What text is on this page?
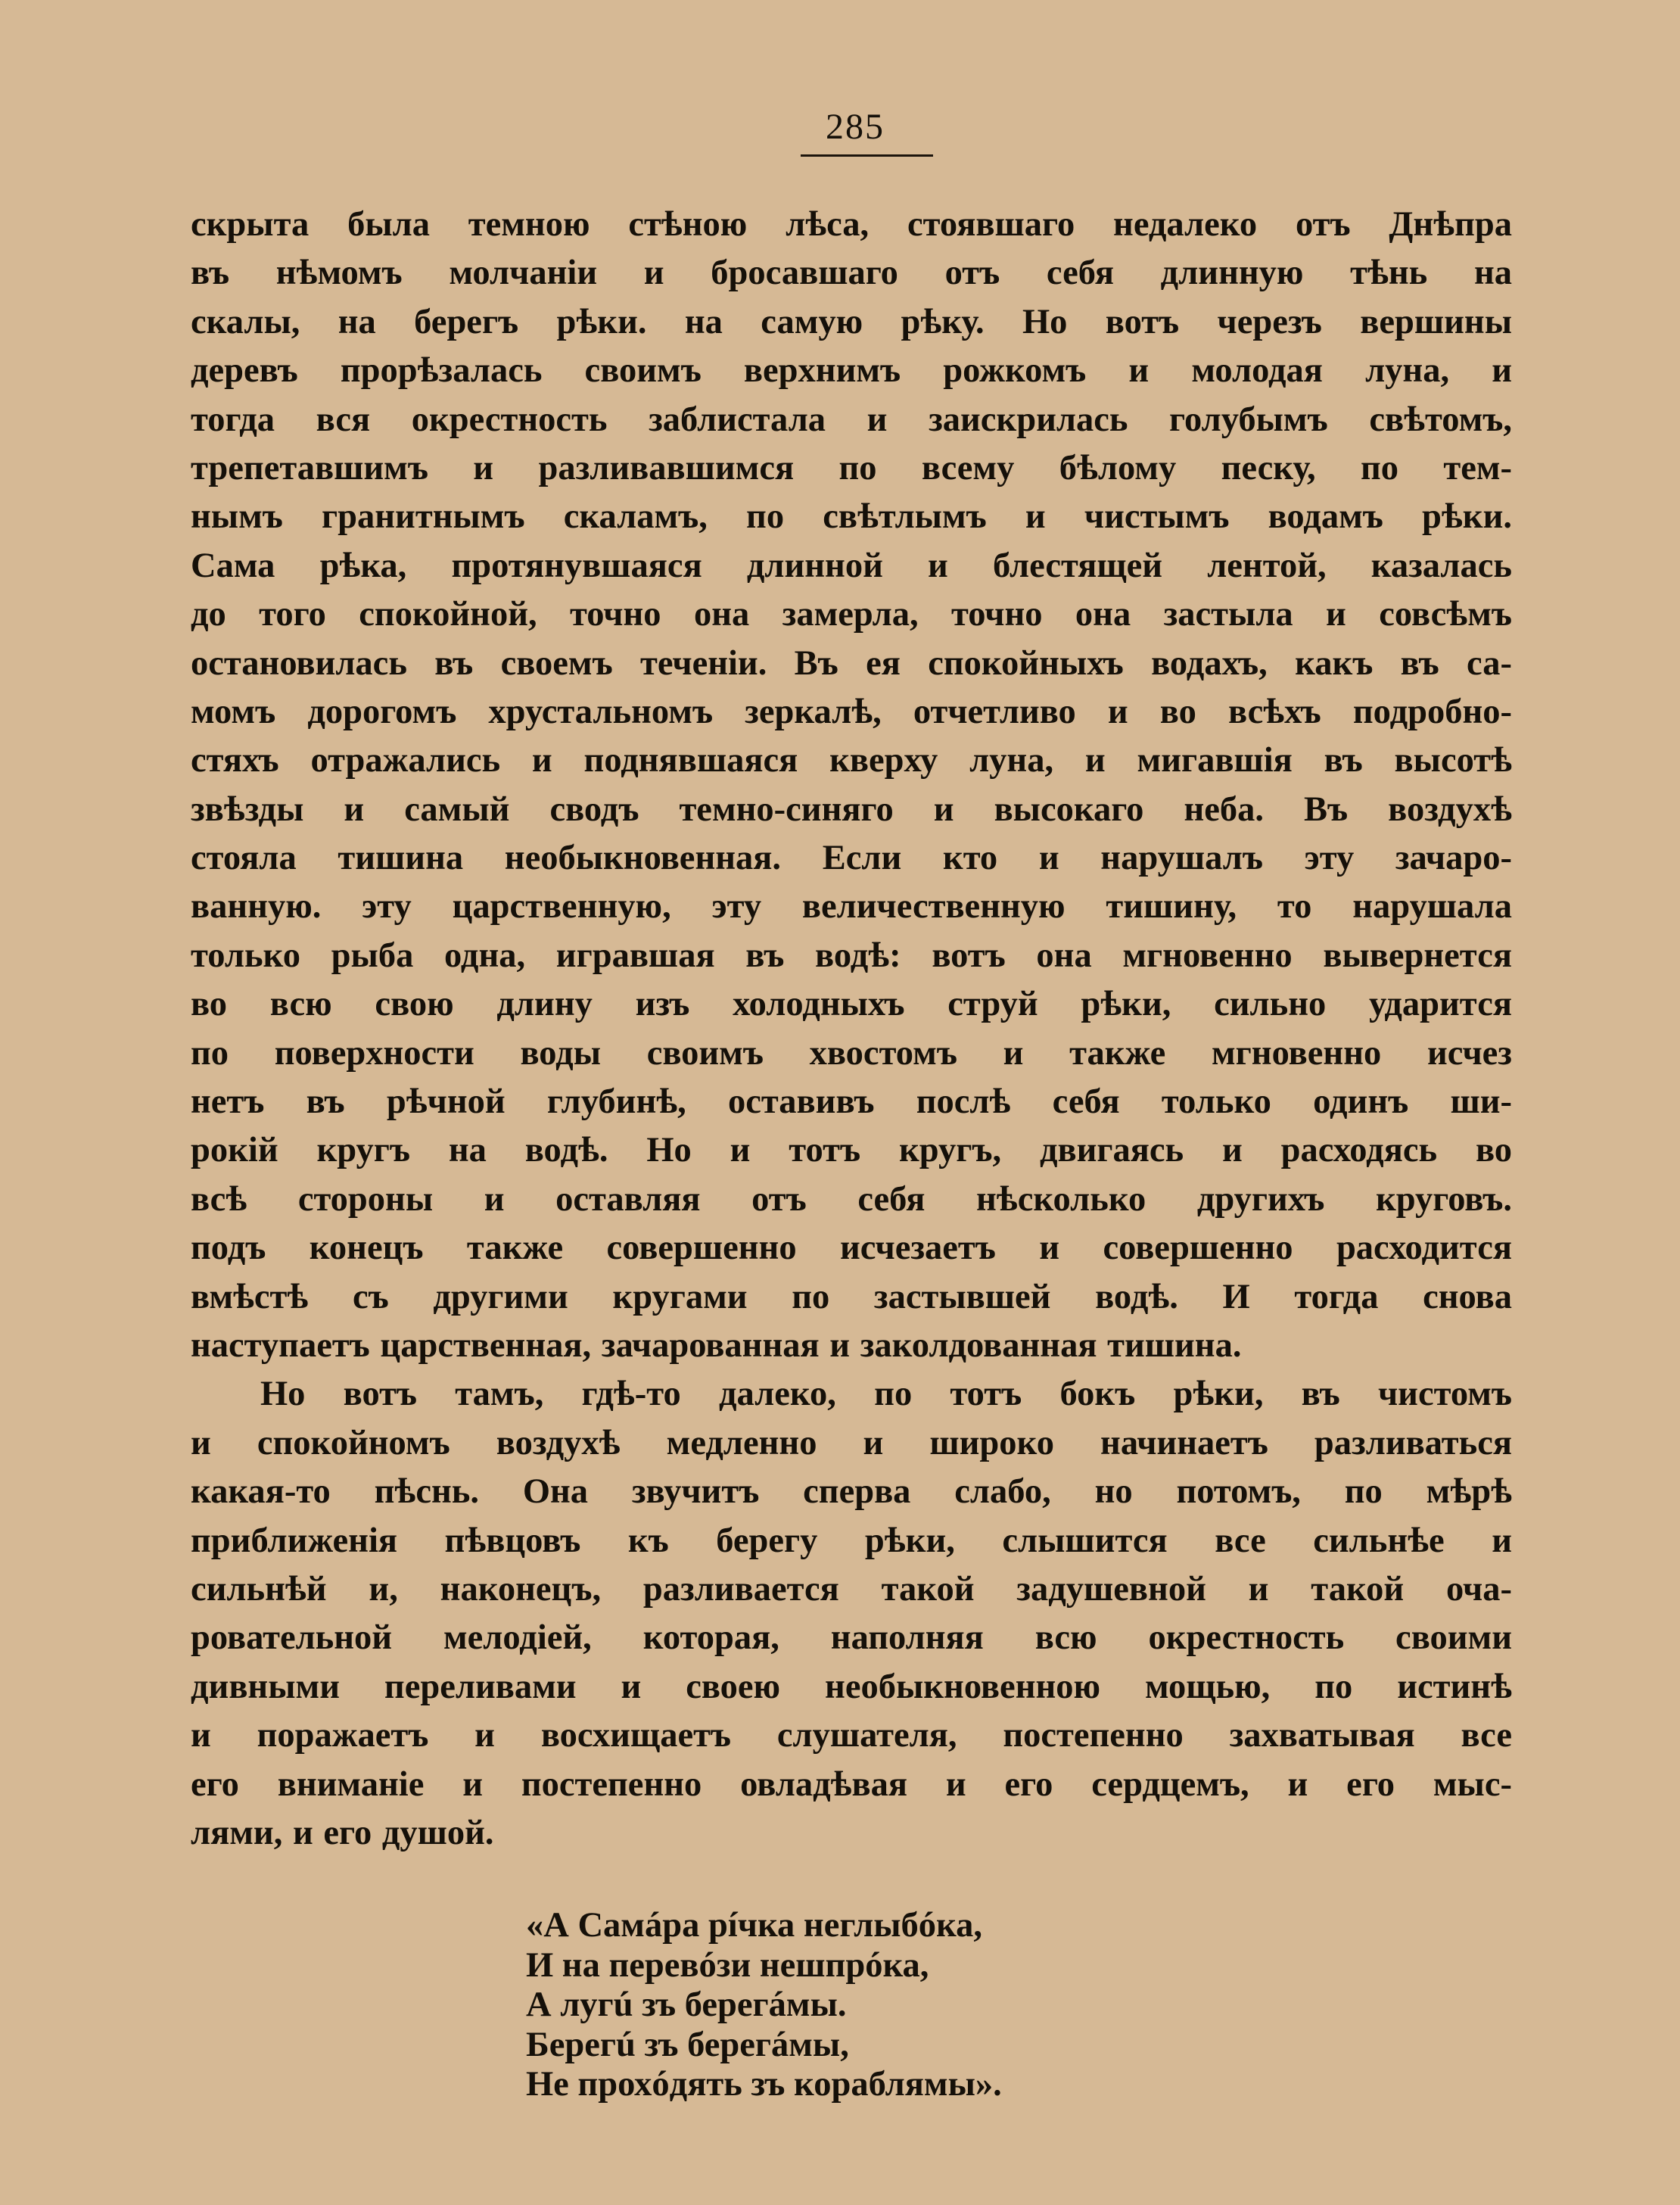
285
скрыта была темною стѣною лѣса, стоявшаго недалеко отъ Днѣпра
въ нѣмомъ молчаніи и бросавшаго отъ себя длинную тѣнь на
скалы, на берегъ рѣки. на самую рѣку. Но вотъ черезъ вершины
деревъ прорѣзалась своимъ верхнимъ рожкомъ и молодая луна, и
тогда вся окрестность заблистала и заискрилась голубымъ свѣтомъ,
трепетавшимъ и разливавшимся по всему бѣлому песку, по тем-
нымъ гранитнымъ скаламъ, по свѣтлымъ и чистымъ водамъ рѣки.
Сама рѣка, протянувшаяся длинной и блестящей лентой, казалась
до того спокойной, точно она замерла, точно она застыла и совсѣмъ
остановилась въ своемъ теченіи. Въ ея спокойныхъ водахъ, какъ въ са-
момъ дорогомъ хрустальномъ зеркалѣ, отчетливо и во всѣхъ подробно-
стяхъ отражались и поднявшаяся кверху луна, и мигавшія въ высотѣ
звѣзды и самый сводъ темно-синяго и высокаго неба. Въ воздухѣ
стояла тишина необыкновенная. Если кто и нарушалъ эту зачаро-
ванную. эту царственную, эту величественную тишину, то нарушала
только рыба одна, игравшая въ водѣ: вотъ она мгновенно вывернется
во всю свою длину изъ холодныхъ струй рѣки, сильно ударится
по поверхности воды своимъ хвостомъ и также мгновенно исчез
нетъ въ рѣчной глубинѣ, оставивъ послѣ себя только одинъ ши-
рокій кругъ на водѣ. Но и тотъ кругъ, двигаясь и расходясь во
всѣ стороны и оставляя отъ себя нѣсколько другихъ круговъ.
подъ конецъ также совершенно исчезаетъ и совершенно расходится
вмѣстѣ съ другими кругами по застывшей водѣ. И тогда снова
наступаетъ царственная, зачарованная и заколдованная тишина.
Но вотъ тамъ, гдѣ-то далеко, по тотъ бокъ рѣки, въ чистомъ
и спокойномъ воздухѣ медленно и широко начинаетъ разливаться
какая-то пѣснь. Она звучитъ сперва слабо, но потомъ, по мѣрѣ
приближенія пѣвцовъ къ берегу рѣки, слышится все сильнѣе и
сильнѣй и, наконецъ, разливается такой задушевной и такой оча-
ровательной мелодіей, которая, наполняя всю окрестность своими
дивными переливами и своею необыкновенною мощью, по истинѣ
и поражаетъ и восхищаетъ слушателя, постепенно захватывая все
его вниманіе и постепенно овладѣвая и его сердцемъ, и его мыс-
лями, и его душой.
«А Самáра рíчка неглыбóка,
И на перевóзи нешпрóка,
А лугú зъ берегáмы.
Берегú зъ берегáмы,
Не прохóдять зъ кораблямы».
